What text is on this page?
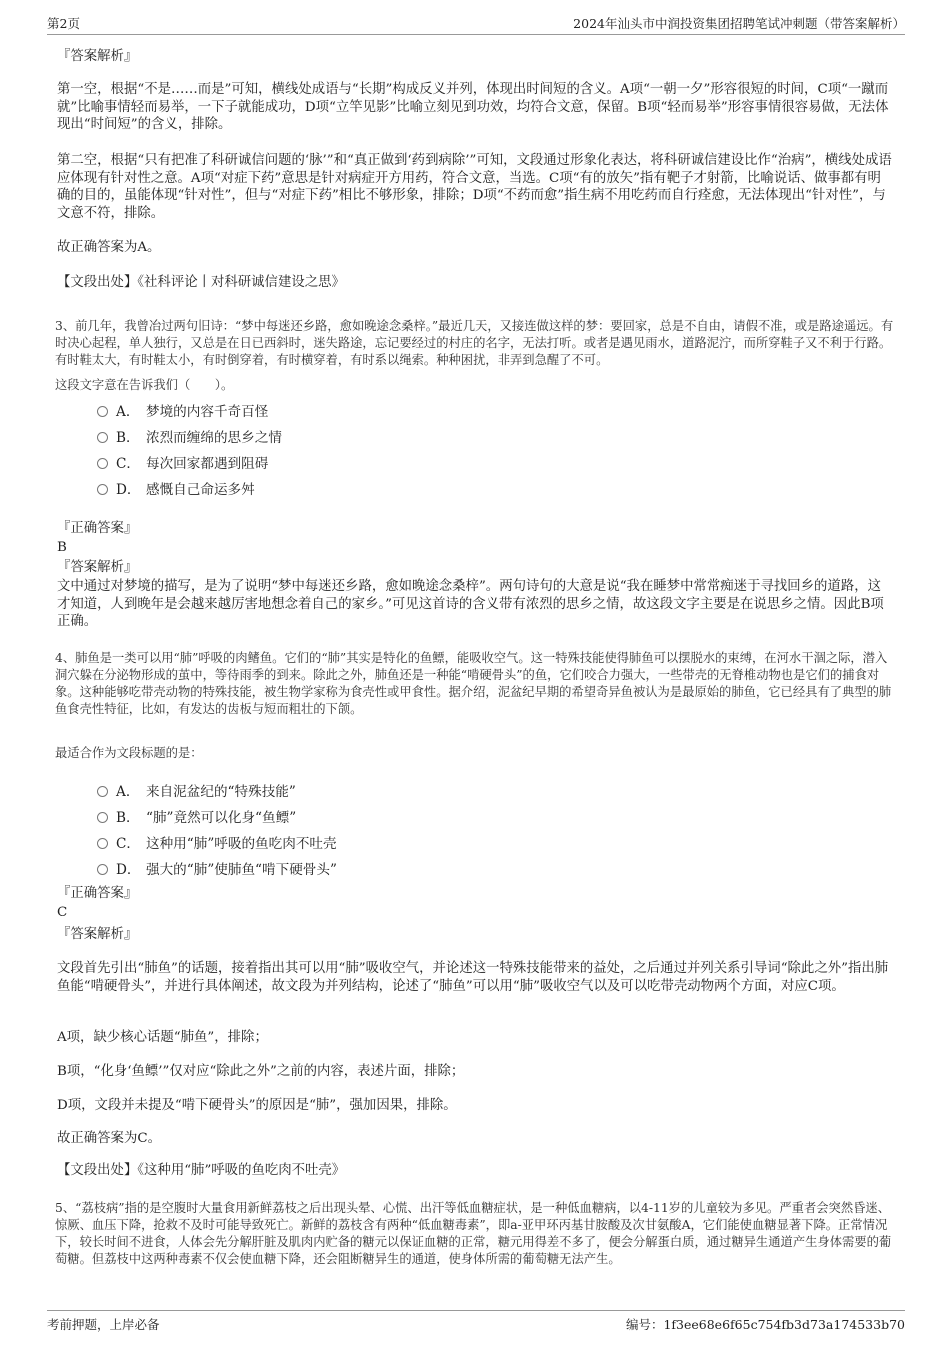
第2页	2024年汕头市中润投资集团招聘笔试冲刺题（带答案解析）
『答案解析』
第一空，根据“不是……而是”可知，横线处成语与“长期”构成反义并列，体现出时间短的含义。A项“一朝一夕”形容很短的时间，C项“一蹴而就”比喻事情轻而易举，一下子就能成功，D项“立竿见影”比喻立刻见到功效，均符合文意，保留。B项“轻而易举”形容事情很容易做，无法体现出“时间短”的含义，排除。
第二空，根据“只有把准了科研诚信问题的‘脉’”和“真正做到‘药到病除’”可知，文段通过形象化表达，将科研诚信建设比作“治病”，横线处成语应体现有针对性之意。A项“对症下药”意思是针对病症开方用药，符合文意，当选。C项“有的放矢”指有靶子才射箭，比喻说话、做事都有明确的目的，虽能体现“针对性”，但与“对症下药”相比不够形象，排除；D项“不药而愈”指生病不用吃药而自行痊愈，无法体现出“针对性”，与文意不符，排除。
故正确答案为A。
【文段出处】《社科评论丨对科研诚信建设之思》
3、前几年，我曾冶过两句旧诗：“梦中每迷还乡路，愈如晚途念桑梓。”最近几天，又接连做这样的梦：要回家，总是不自由，请假不准，或是路途遥远。有时决心起程，单人独行，又总是在日已西斜时，迷失路途，忘记要经过的村庄的名字，无法打听。或者是遇见雨水，道路泥泞，而所穿鞋子又不利于行路。有时鞋太大，有时鞋太小，有时倒穿着，有时横穿着，有时系以绳索。种种困扰，非弄到急醒了不可。
这段文字意在告诉我们（　　）。
A． 梦境的内容千奇百怪
B． 浓烈而缠绵的思乡之情
C． 每次回家都遇到阻碍
D． 感慨自己命运多舛
『正确答案』
B
『答案解析』
文中通过对梦境的描写，是为了说明“梦中每迷还乡路，愈如晚途念桑梓”。两句诗句的大意是说“我在睡梦中常常痴迷于寻找回乡的道路，这才知道，人到晚年是会越来越厉害地想念着自己的家乡。”可见这首诗的含义带有浓烈的思乡之情，故这段文字主要是在说思乡之情。因此B项正确。
4、肺鱼是一类可以用“肺”呼吸的肉鳍鱼。它们的“肺”其实是特化的鱼鳔，能吸收空气。这一特殊技能使得肺鱼可以摆脱水的束缚，在河水干涸之际，潜入洞穴躲在分泌物形成的茧中，等待雨季的到来。除此之外，肺鱼还是一种能“啃硬骨头”的鱼，它们咬合力强大，一些带壳的无脊椎动物也是它们的捕食对象。这种能够吃带壳动物的特殊技能，被生物学家称为食壳性或甲食性。据介绍，泥盆纪早期的希望奇异鱼被认为是最原始的肺鱼，它已经具有了典型的肺鱼食壳性特征，比如，有发达的齿板与短而粗壮的下颌。
最适合作为文段标题的是：
A． 来自泥盆纪的“特殊技能”
B． “肺”竟然可以化身“鱼鳔”
C． 这种用“肺”呼吸的鱼吃肉不吐壳
D． 强大的“肺”使肺鱼“啃下硬骨头”
『正确答案』
C
『答案解析』
文段首先引出“肺鱼”的话题，接着指出其可以用“肺”吸收空气，并论述这一特殊技能带来的益处，之后通过并列关系引导词“除此之外”指出肺鱼能“啃硬骨头”，并进行具体阐述，故文段为并列结构，论述了“肺鱼”可以用“肺”吸收空气以及可以吃带壳动物两个方面，对应C项。
A项，缺少核心话题“肺鱼”，排除；
B项，“化身‘鱼鳔’”仅对应“除此之外”之前的内容，表述片面，排除；
D项，文段并未提及“啃下硬骨头”的原因是“肺”，强加因果，排除。
故正确答案为C。
【文段出处】《这种用“肺”呼吸的鱼吃肉不吐壳》
5、“荔枝病”指的是空腹时大量食用新鲜荔枝之后出现头晕、心慌、出汗等低血糖症状，是一种低血糖病，以4-11岁的儿童较为多见。严重者会突然昏迷、惊厥、血压下降，抢救不及时可能导致死亡。新鲜的荔枝含有两种“低血糖毒素”，即a-亚甲环丙基甘胺酸及次甘氨酸A，它们能使血糖显著下降。正常情况下，较长时间不进食，人体会先分解肝脏及肌肉内贮备的糖元以保证血糖的正常，糖元用得差不多了，便会分解蛋白质，通过糖异生通道产生身体需要的葡萄糖。但荔枝中这两种毒素不仅会使血糖下降，还会阻断糖异生的通道，使身体所需的葡萄糖无法产生。
考前押题，上岸必备	编号：1f3ee68e6f65c754fb3d73a174533b70
